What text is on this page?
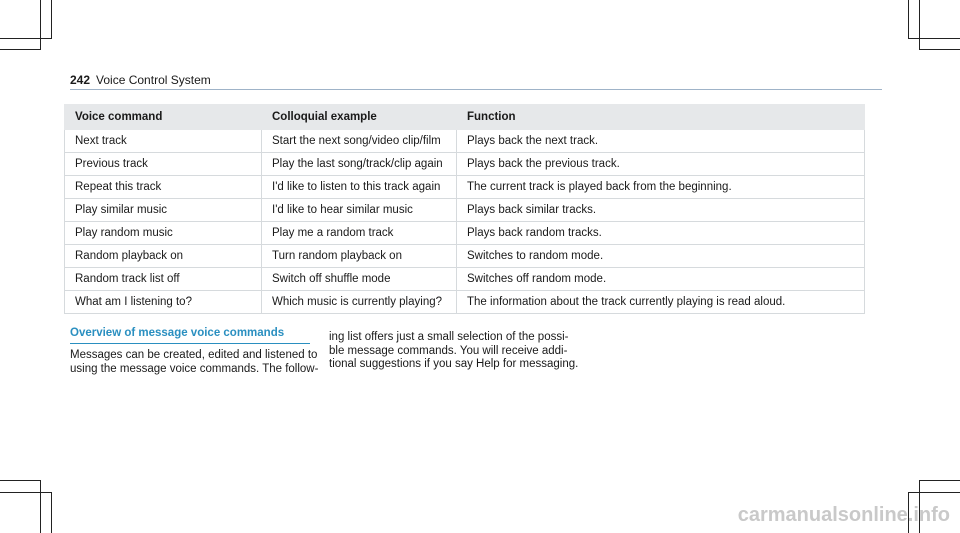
242 Voice Control System
Voice command	Colloquial example	Function
Next track	Start the next song/video clip/film	Plays back the next track.
Previous track	Play the last song/track/clip again	Plays back the previous track.
Repeat this track	I'd like to listen to this track again	The current track is played back from the beginning.
Play similar music	I'd like to hear similar music	Plays back similar tracks.
Play random music	Play me a random track	Plays back random tracks.
Random playback on	Turn random playback on	Switches to random mode.
Random track list off	Switch off shuffle mode	Switches off random mode.
What am I listening to?	Which music is currently playing?	The information about the track currently playing is read aloud.
Overview of message voice commands
Messages can be created, edited and listened to
using the message voice commands. The follow-
ing list offers just a small selection of the possi-
ble message commands. You will receive addi-
tional suggestions if you say Help for messaging.
carmanualsonline.info
